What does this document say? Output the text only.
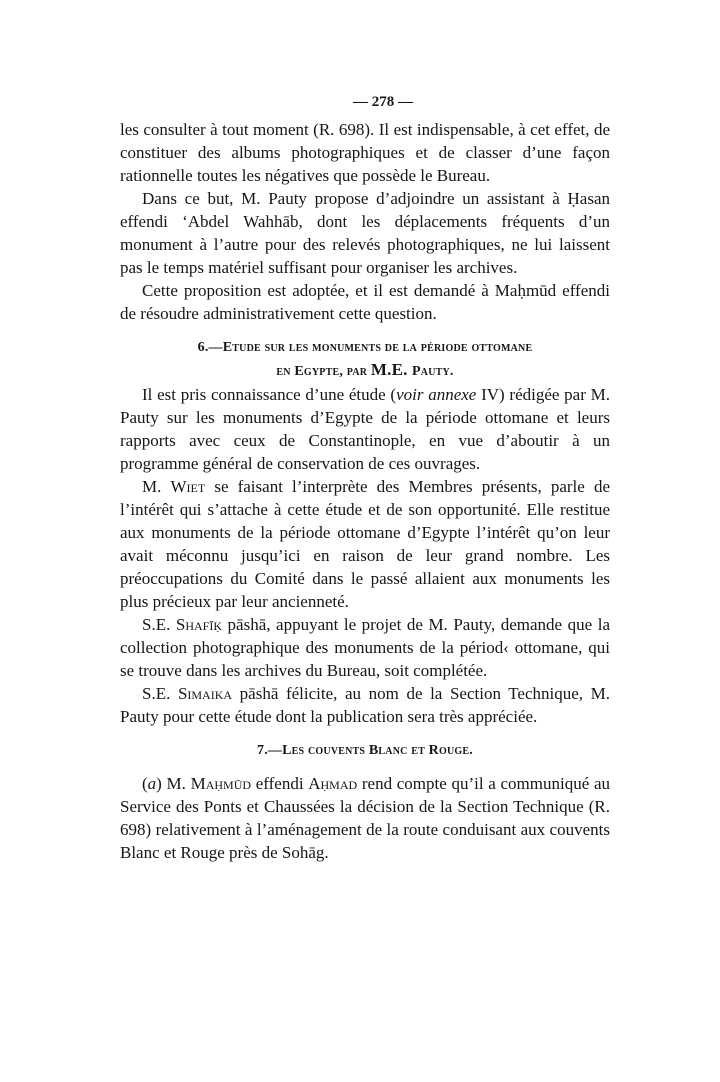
— 278 —

les consulter à tout moment (R. 698). Il est indispensable, à cet effet, de constituer des albums photographiques et de classer d’une façon rationnelle toutes les négatives que possède le Bureau.

Dans ce but, M. Pauty propose d’adjoindre un assistant à Ḥasan effendi ‘Abdel Wahhāb, dont les déplacements fréquents d’un monument à l’autre pour des relevés photographiques, ne lui laissent pas le temps matériel suffisant pour organiser les archives.

Cette proposition est adoptée, et il est demandé à Maḥmūd effendi de résoudre administrativement cette question.

6.—Etude sur les monuments de la période ottomane
en Egypte, par M.E. Pauty.

Il est pris connaissance d’une étude (voir annexe IV) rédigée par M. Pauty sur les monuments d’Egypte de la période ottomane et leurs rapports avec ceux de Constantinople, en vue d’aboutir à un programme général de conservation de ces ouvrages.

M. Wiet se faisant l’interprète des Membres présents, parle de l’intérêt qui s’attache à cette étude et de son opportunité. Elle restitue aux monuments de la période ottomane d’Egypte l’intérêt qu’on leur avait méconnu jusqu’ici en raison de leur grand nombre. Les préoccupations du Comité dans le passé allaient aux monuments les plus précieux par leur ancienneté.

S.E. Shafīḳ pāshā, appuyant le projet de M. Pauty, demande que la collection photographique des monuments de la périod‹ ottomane, qui se trouve dans les archives du Bureau, soit complétée.

S.E. Simaika pāshā félicite, au nom de la Section Technique, M. Pauty pour cette étude dont la publication sera très appréciée.

7.—Les couvents Blanc et Rouge.

(a) M. Maḥmūd effendi Aḥmad rend compte qu’il a communiqué au Service des Ponts et Chaussées la décision de la Section Technique (R. 698) relativement à l’aménagement de la route conduisant aux couvents Blanc et Rouge près de Sohāg.
